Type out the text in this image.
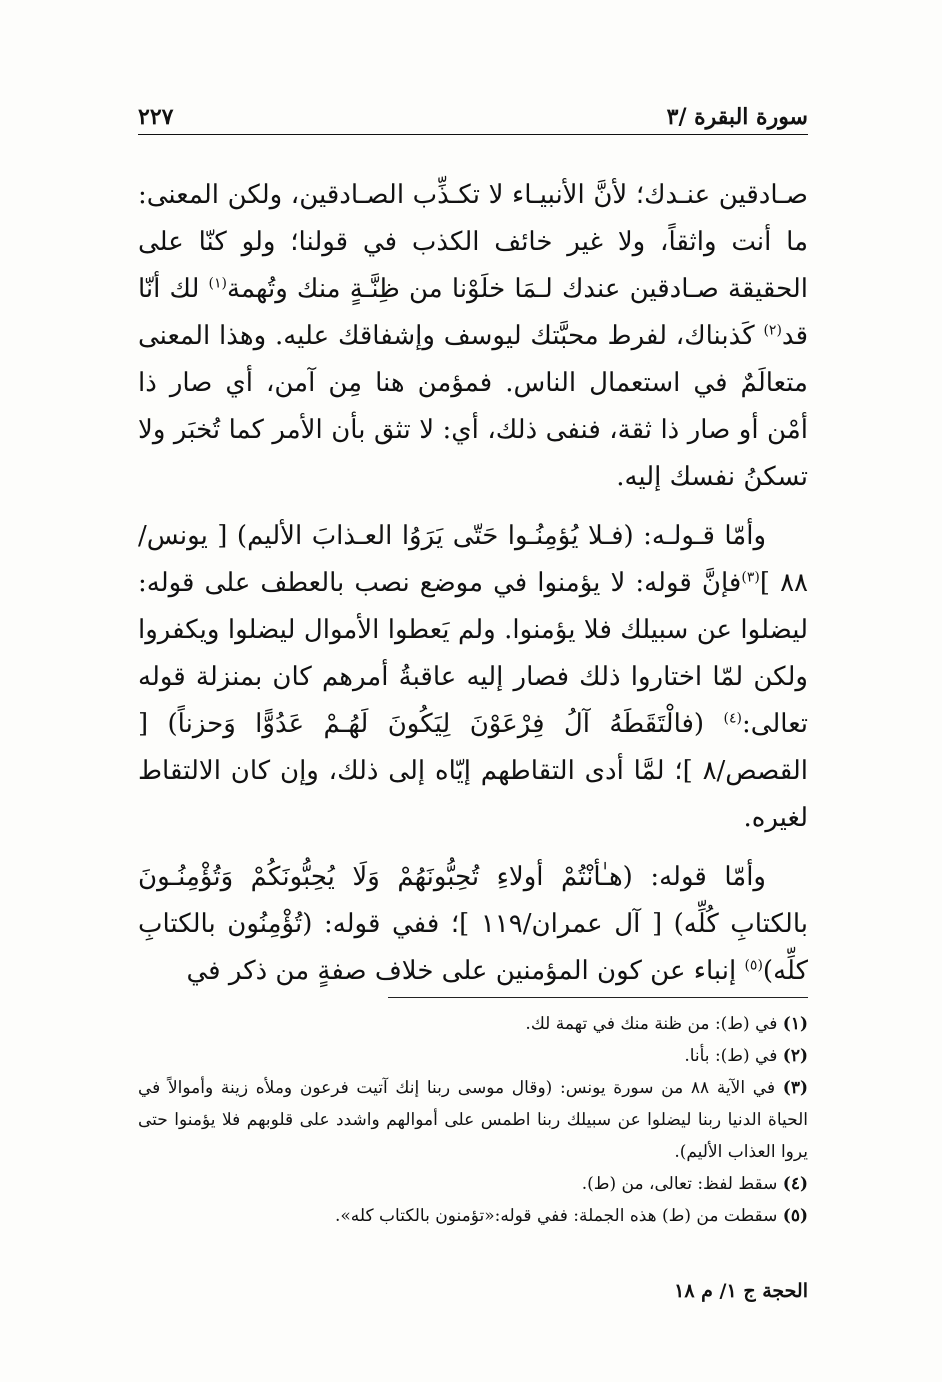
سورة البقرة /٣
٢٢٧

صـادقين عنـدك؛ لأنَّ الأنبيـاء لا تكـذِّب الصـادقين، ولكن المعنى: ما أنت واثقاً، ولا غير خائف الكذب في قولنا؛ ولو كنّا على الحقيقة صـادقين عندك لـمَا خلَوْنا من ظِنَّـةٍ منك وتُهمة$^{(١)}$ لك أنّا قد$^{(٢)}$ كَذبناك، لفرط محبَّتك ليوسف وإشفاقك عليه. وهذا المعنى متعالَمٌ في استعمال الناس. فمؤمن هنا مِن آمن، أي صار ذا أمْن أو صار ذا ثقة، فنفى ذلك، أي: لا تثق بأن الأمر كما تُخبَر ولا تسكنُ نفسك إليه.

وأمّا قـولـه: (فـلا يُؤمِنُـوا حَتّى يَرَوُا العـذابَ الأليم) [ يونس/٨٨ ]$^{(٣)}$فإنَّ قوله: لا يؤمنوا في موضع نصب بالعطف على قوله: ليضلوا عن سبيلك فلا يؤمنوا. ولم يَعطوا الأموال ليضلوا ويكفروا ولكن لمّا اختاروا ذلك فصار إليه عاقبةُ أمرهم كان بمنزلة قوله تعالى:$^{(٤)}$ (فالْتَقَطَهُ آلُ فِرْعَوْنَ لِيَكُونَ لَهُـمْ عَدُوًّا وَحزناً) [ القصص/٨ ]؛ لمَّا أدى التقاطهم إيّاه إلى ذلك، وإن كان الالتقاط لغيره.

وأمّا قوله: (هـٰأنْتُمْ أولاءِ تُحِبُّونَهُمْ وَلَا يُحِبُّونَكُمْ وَتُؤْمِنُـونَ بالكتابِ كُلِّه) [ آل عمران/١١٩ ]؛ ففي قوله: (تُؤْمِنُون بالكتابِ كلِّه)$^{(٥)}$ إنباء عن كون المؤمنين على خلاف صفةٍ من ذكر في

(١) في (ط): من ظنة منك في تهمة لك.

(٢) في (ط): بأنا.

(٣) في الآية ٨٨ من سورة يونس: (وقال موسى ربنا إنك آتيت فرعون وملأه زينة وأموالاً في الحياة الدنيا ربنا ليضلوا عن سبيلك ربنا اطمس على أموالهم واشدد على قلوبهم فلا يؤمنوا حتى يروا العذاب الأليم).

(٤) سقط لفظ: تعالى، من (ط).

(٥) سقطت من (ط) هذه الجملة: ففي قوله:«تؤمنون بالكتاب كله».

الحجة ج ١/ م ١٨
